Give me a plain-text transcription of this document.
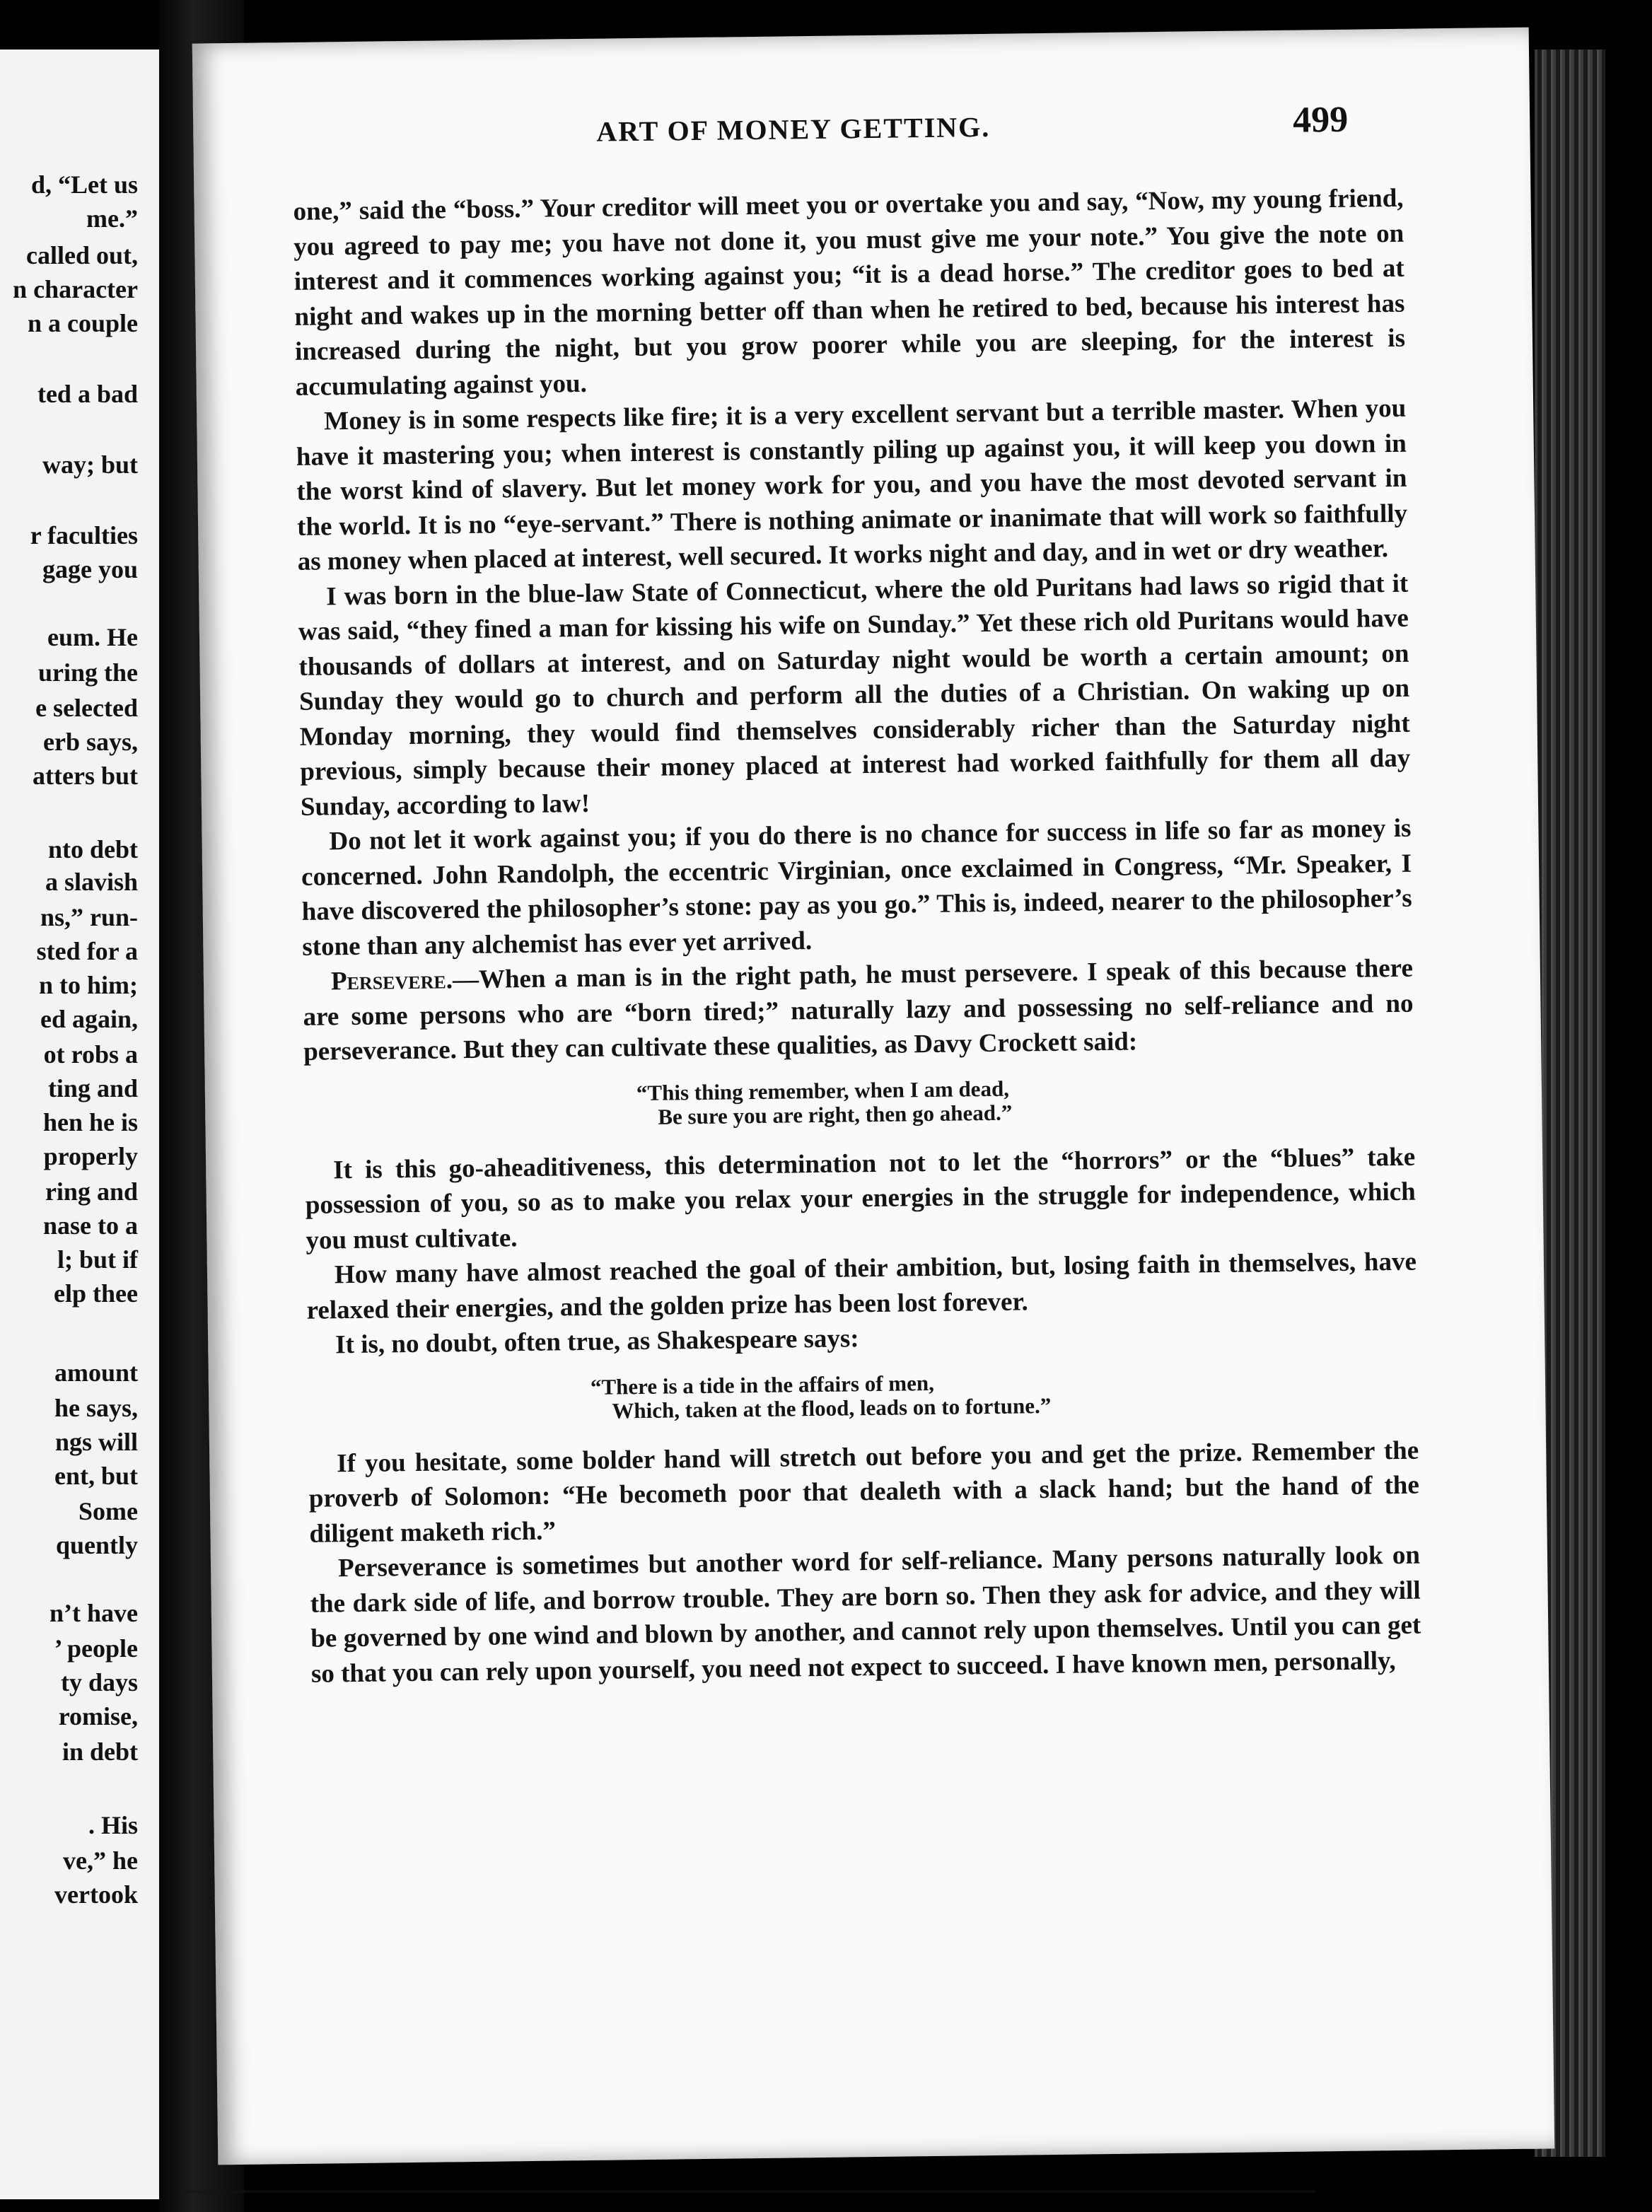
d, “Let us
me.”
called out,
n character
n a couple
ted a bad
way; but
r faculties
gage you
eum. He
uring the
e selected
erb says,
atters but
nto debt
a slavish
ns,” run-
sted for a
n to him;
ed again,
ot robs a
ting and
hen he is
properly
ring and
nase to a
l; but if
elp thee
amount
he says,
ngs will
ent, but
Some
quently
n’t have
’ people
ty days
romise,
in debt
. His
ve,” he
vertook
ART OF MONEY GETTING.	499

one,” said the “boss.” Your creditor will meet you or overtake you and say, “Now, my young friend, you agreed to pay me; you have not done it, you must give me your note.” You give the note on interest and it commences working against you; “it is a dead horse.” The creditor goes to bed at night and wakes up in the morning better off than when he retired to bed, because his interest has increased during the night, but you grow poorer while you are sleeping, for the interest is accumulating against you.

Money is in some respects like fire; it is a very excellent servant but a terrible master. When you have it mastering you; when interest is constantly piling up against you, it will keep you down in the worst kind of slavery. But let money work for you, and you have the most devoted servant in the world. It is no “eye-servant.” There is nothing animate or inanimate that will work so faithfully as money when placed at interest, well secured. It works night and day, and in wet or dry weather.

I was born in the blue-law State of Connecticut, where the old Puritans had laws so rigid that it was said, “they fined a man for kissing his wife on Sunday.” Yet these rich old Puritans would have thousands of dollars at interest, and on Saturday night would be worth a certain amount; on Sunday they would go to church and perform all the duties of a Christian. On waking up on Monday morning, they would find themselves considerably richer than the Saturday night previous, simply because their money placed at interest had worked faithfully for them all day Sunday, according to law!

Do not let it work against you; if you do there is no chance for success in life so far as money is concerned. John Randolph, the eccentric Virginian, once exclaimed in Congress, “Mr. Speaker, I have discovered the philosopher’s stone: pay as you go.” This is, indeed, nearer to the philosopher’s stone than any alchemist has ever yet arrived.

Persevere.—When a man is in the right path, he must persevere. I speak of this because there are some persons who are “born tired;” naturally lazy and possessing no self-reliance and no perseverance. But they can cultivate these qualities, as Davy Crockett said:

“This thing remember, when I am dead,
Be sure you are right, then go ahead.”

It is this go-aheaditiveness, this determination not to let the “horrors” or the “blues” take possession of you, so as to make you relax your energies in the struggle for independence, which you must cultivate.

How many have almost reached the goal of their ambition, but, losing faith in themselves, have relaxed their energies, and the golden prize has been lost forever.

It is, no doubt, often true, as Shakespeare says:

“There is a tide in the affairs of men,
Which, taken at the flood, leads on to fortune.”

If you hesitate, some bolder hand will stretch out before you and get the prize. Remember the proverb of Solomon: “He becometh poor that dealeth with a slack hand; but the hand of the diligent maketh rich.”

Perseverance is sometimes but another word for self-reliance. Many persons naturally look on the dark side of life, and borrow trouble. They are born so. Then they ask for advice, and they will be governed by one wind and blown by another, and cannot rely upon themselves. Until you can get so that you can rely upon yourself, you need not expect to succeed. I have known men, personally,
